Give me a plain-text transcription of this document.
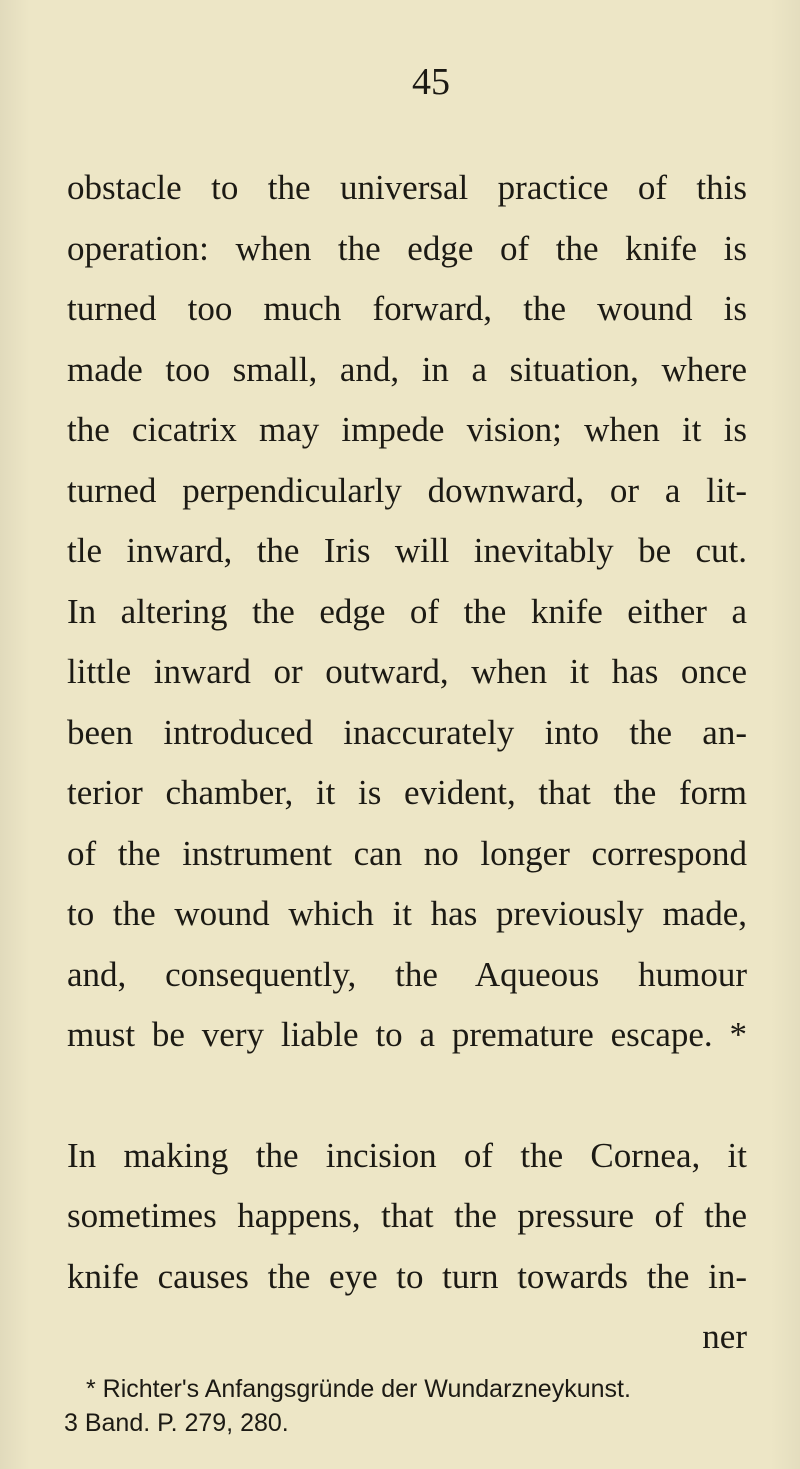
45
obstacle to the universal practice of this
operation: when the edge of the knife is
turned too much forward, the wound is
made too small, and, in a situation, where
the cicatrix may impede vision; when it is
turned perpendicularly downward, or a lit-
tle inward, the Iris will inevitably be cut.
In altering the edge of the knife either a
little inward or outward, when it has once
been introduced inaccurately into the an-
terior chamber, it is evident, that the form
of the instrument can no longer correspond
to the wound which it has previously made,
and, consequently, the Aqueous humour
must be very liable to a premature escape. *
In making the incision of the Cornea, it
sometimes happens, that the pressure of the
knife causes the eye to turn towards the in-
ner
* Richter's Anfangsgründe der Wundarzneykunst.
3 Band. P. 279, 280.
